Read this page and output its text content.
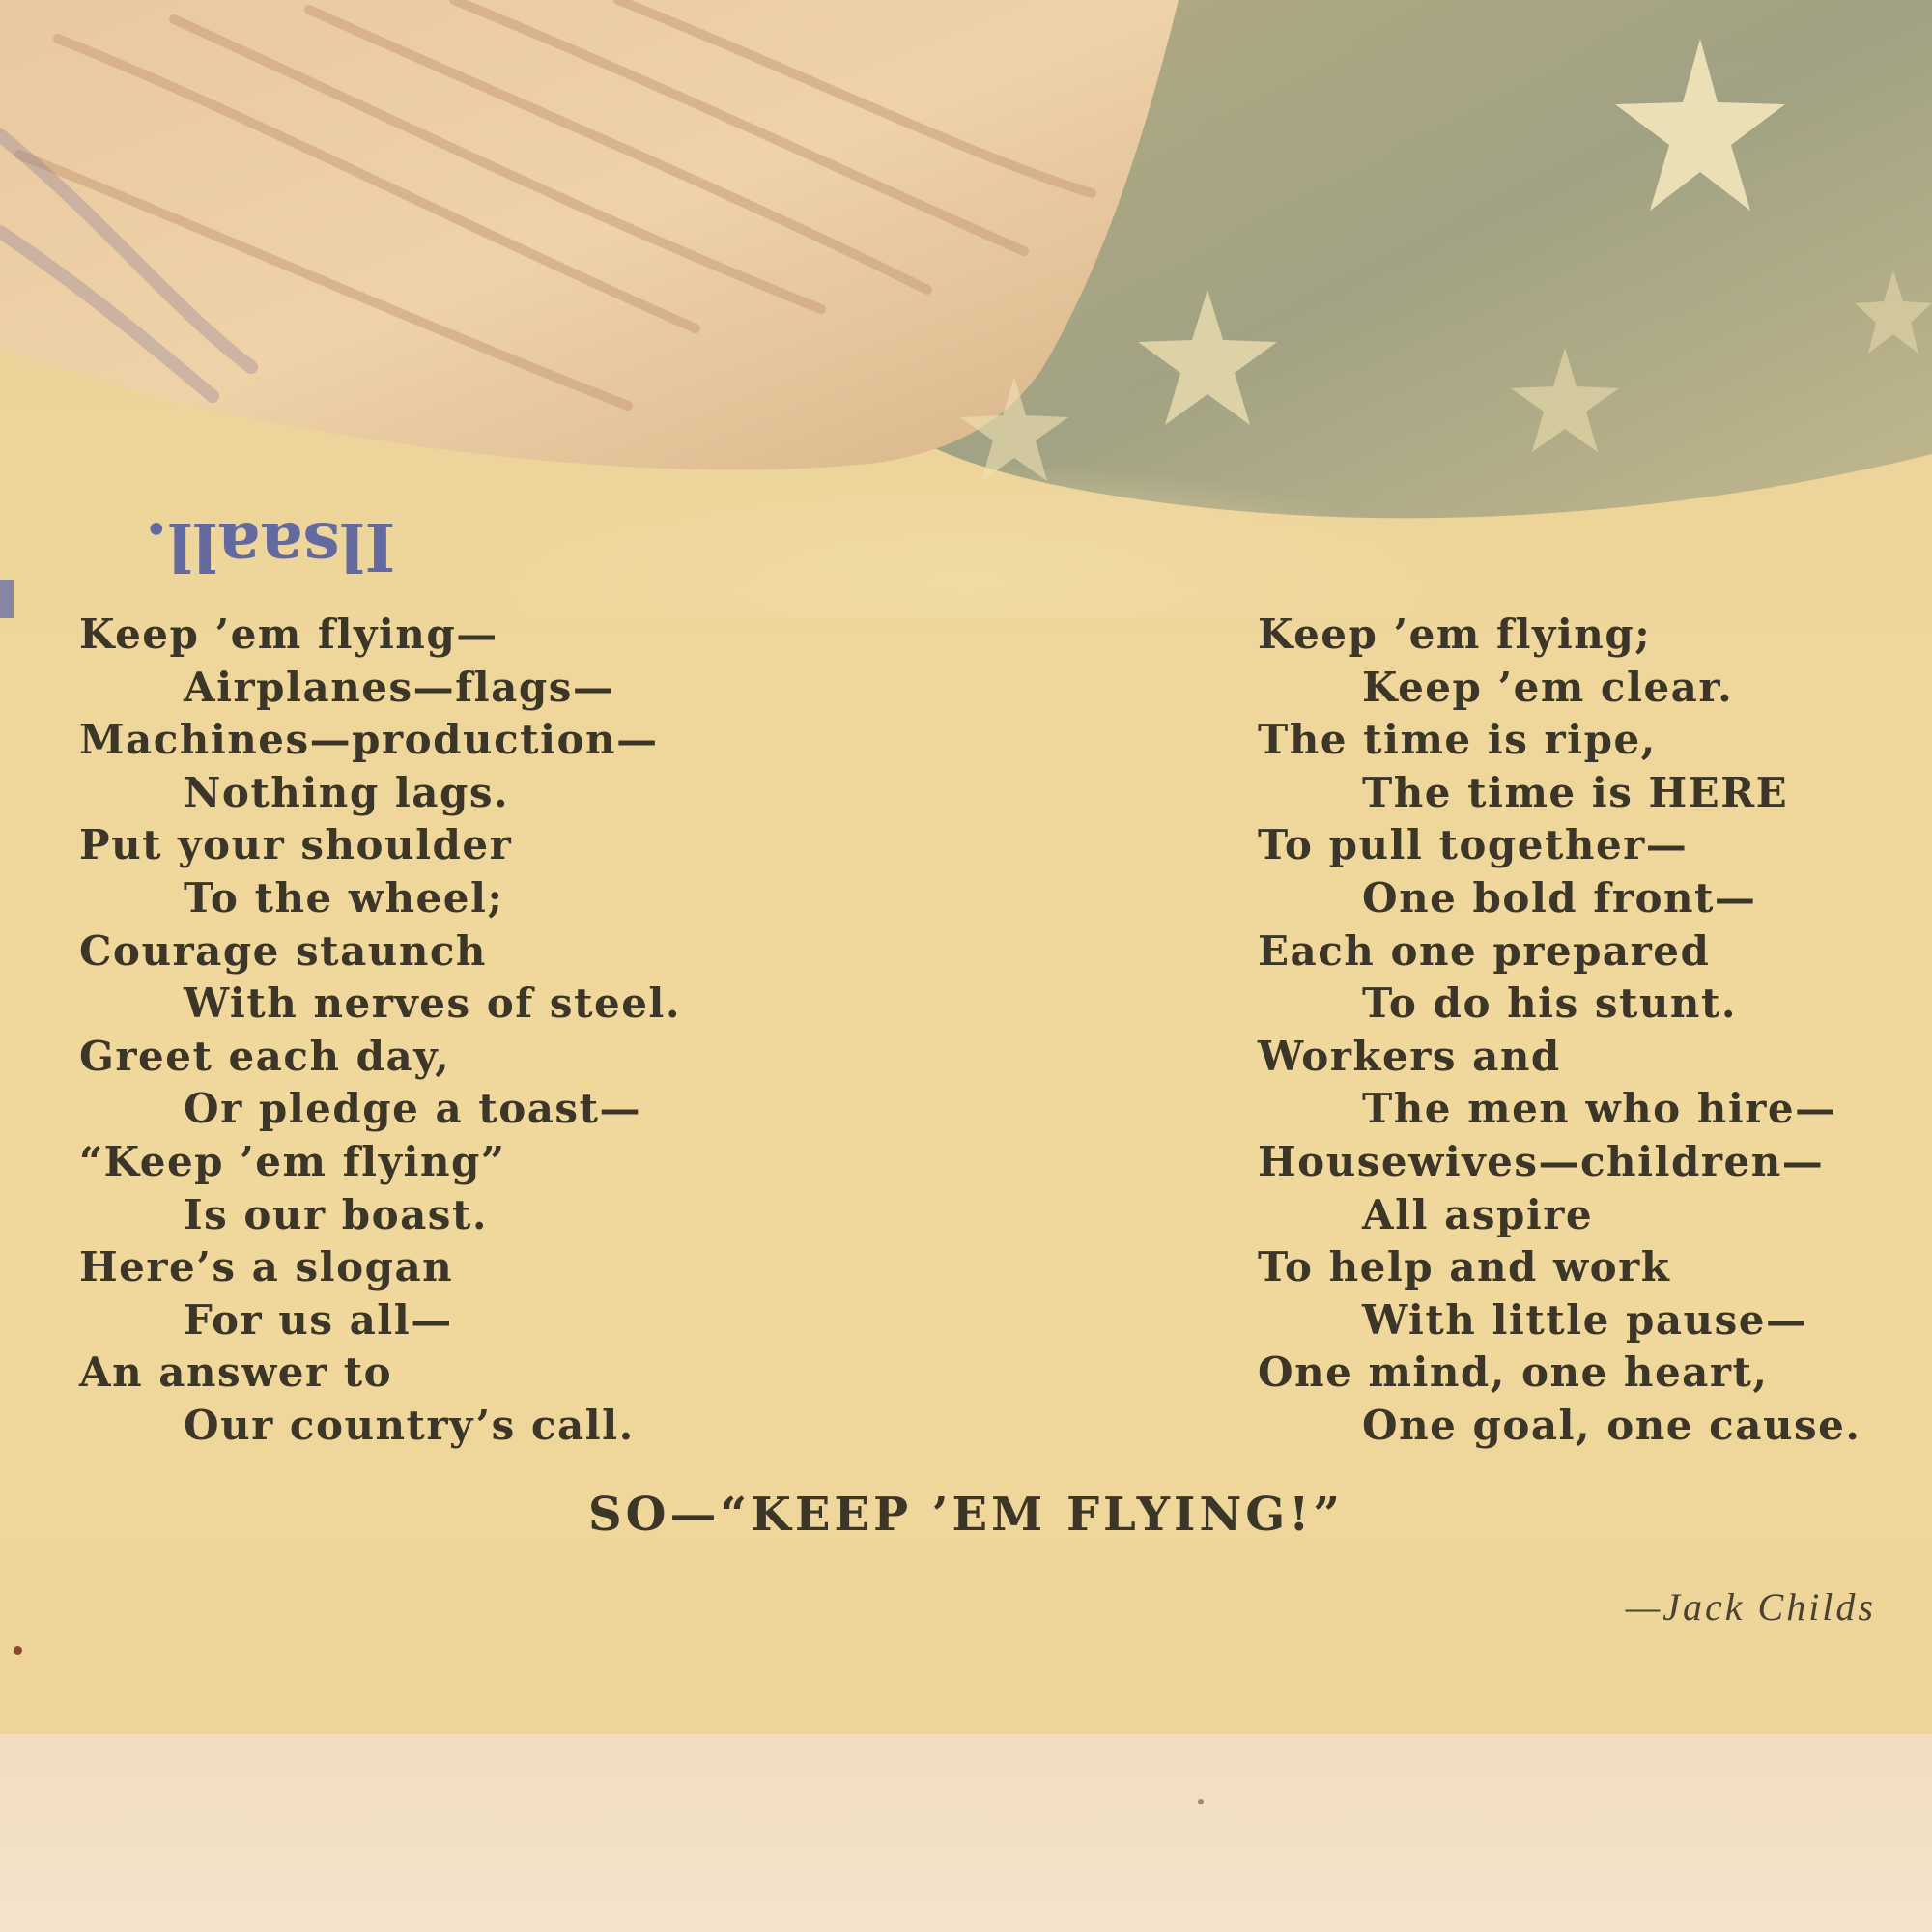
Ilsaall.
Keep ’em flying—
Airplanes—flags—
Machines—production—
Nothing lags.
Put your shoulder
To the wheel;
Courage staunch
With nerves of steel.
Greet each day,
Or pledge a toast—
“Keep ’em flying”
Is our boast.
Here’s a slogan
For us all—
An answer to
Our country’s call.
Keep ’em flying;
Keep ’em clear.
The time is ripe,
The time is HERE
To pull together—
One bold front—
Each one prepared
To do his stunt.
Workers and
The men who hire—
Housewives—children—
All aspire
To help and work
With little pause—
One mind, one heart,
One goal, one cause.
SO—“KEEP ’EM FLYING!”
—Jack Childs
